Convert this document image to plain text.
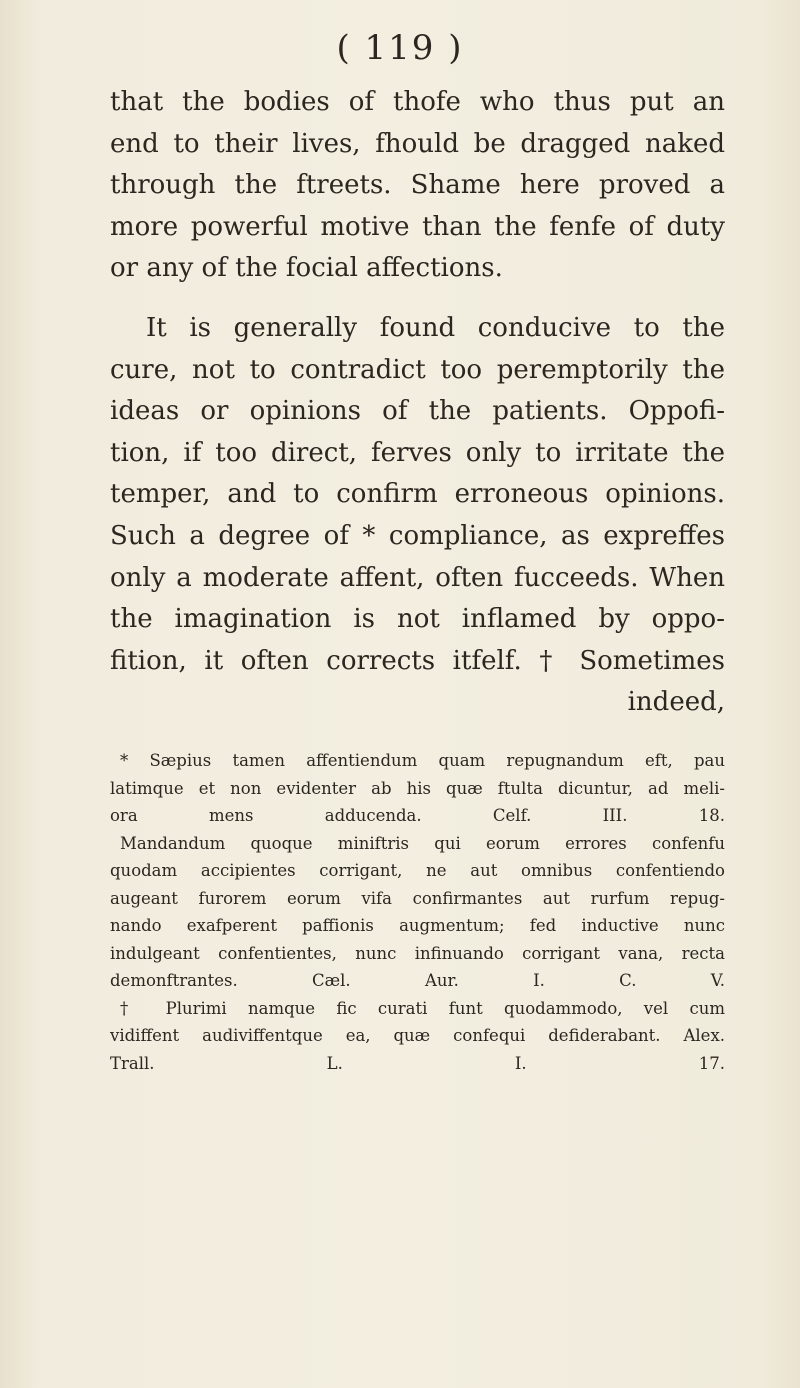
( 119 )
that the bodies of thofe who thus put an
end to their lives, fhould be dragged naked
through the ftreets. Shame here proved a
more powerful motive than the fenfe of duty
or any of the focial affections.
It is generally found conducive to the
cure, not to contradict too peremptorily the
ideas or opinions of the patients. Oppofi-
tion, if too direct, ferves only to irritate the
temper, and to confirm erroneous opinions.
Such a degree of * compliance, as expreffes
only a moderate affent, often fucceeds. When
the imagination is not inflamed by oppo-
fition, it often corrects itfelf. † Sometimes
indeed,
* Sæpius tamen affentiendum quam repugnandum eft, pau
latimque et non evidenter ab his quæ ftulta dicuntur, ad meli-
ora mens adducenda. Celf. III. 18.
Mandandum quoque miniftris qui eorum errores confenfu
quodam accipientes corrigant, ne aut omnibus confentiendo
augeant furorem eorum vifa confirmantes aut rurfum repug-
nando exafperent paffionis augmentum; fed inductive nunc
indulgeant confentientes, nunc infinuando corrigant vana, recta
demonftrantes. Cæl. Aur. I. C. V.
† Plurimi namque fic curati funt quodammodo, vel cum
vidiffent audiviffentque ea, quæ confequi defiderabant. Alex.
Trall. L. I. 17.
